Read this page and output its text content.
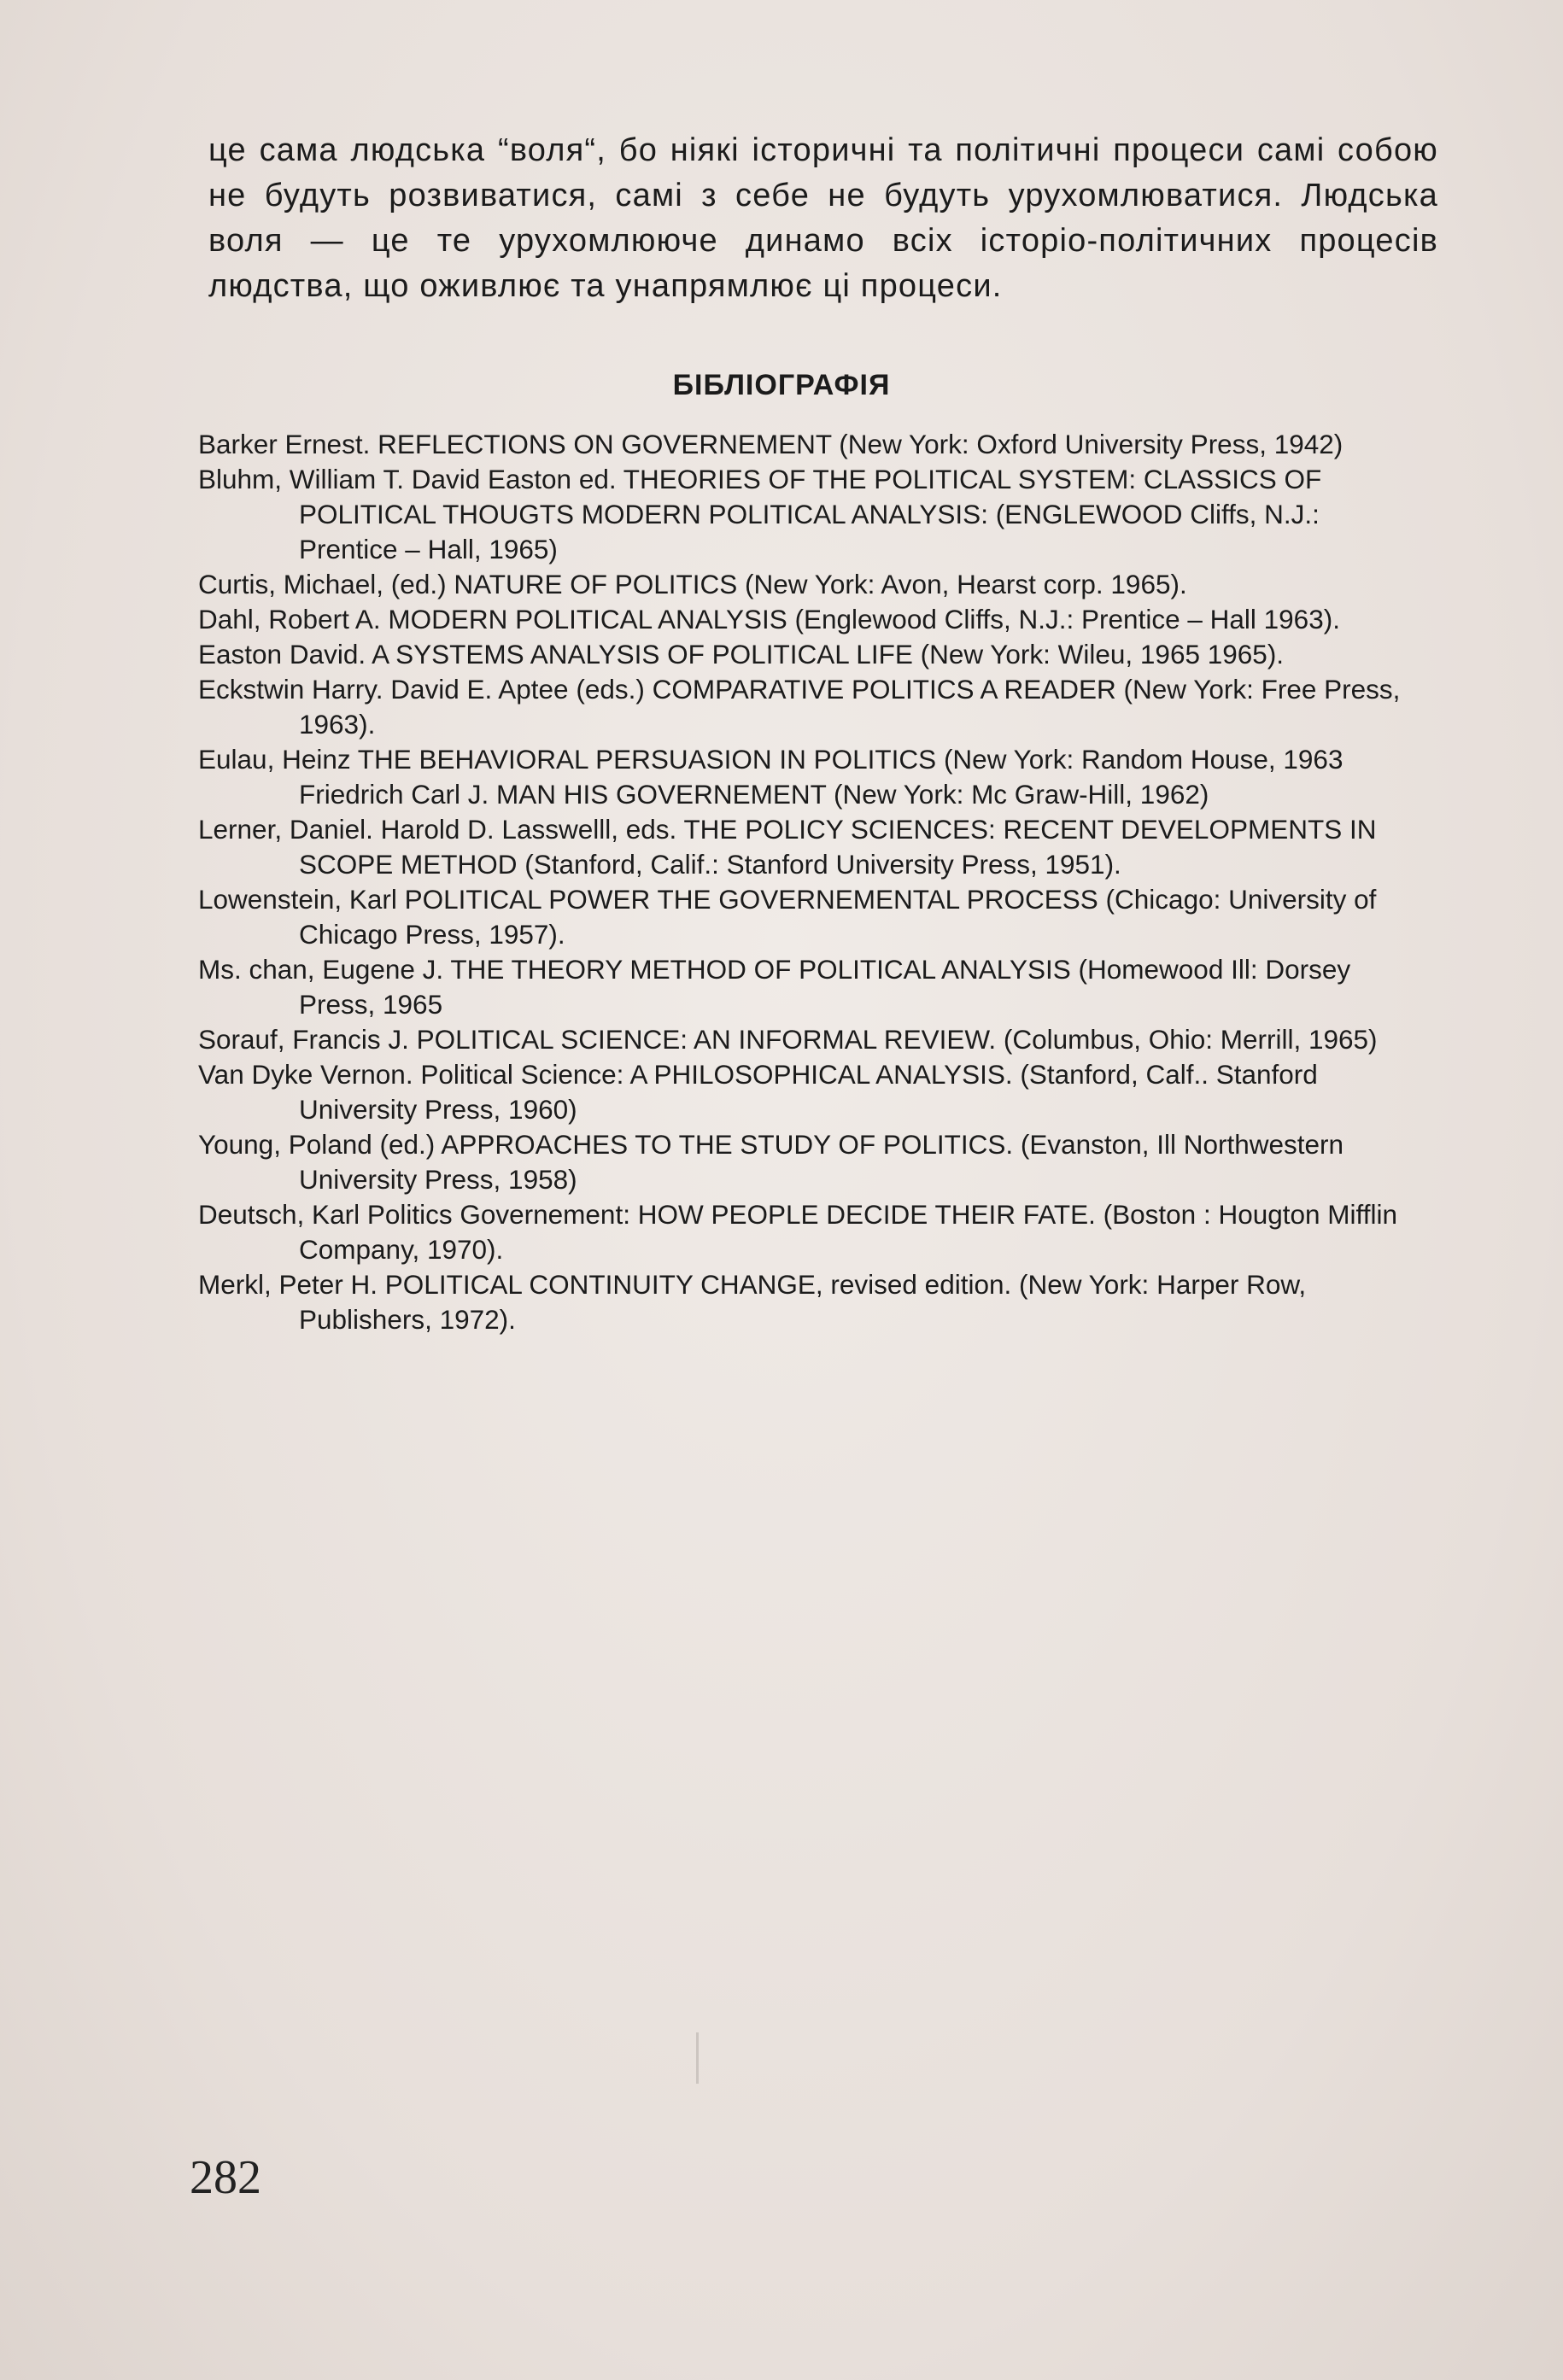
це сама людська “воля“, бо ніякі історичні та політичні процеси самі собою не будуть розвиватися, самі з себе не будуть урухомлюватися. Людська воля — це те урухомлююче динамо всіх історіо-політичних процесів людства, що оживлює та унапрямлює ці процеси.

БІБЛІОГРАФІЯ
Barker Ernest. REFLECTIONS ON GOVERNEMENT (New York: Oxford University Press, 1942)
Bluhm, William T. David Easton ed. THEORIES OF THE POLITICAL SYSTEM: CLASSICS OF POLITICAL THOUGTS MODERN POLITICAL ANALYSIS: (ENGLEWOOD Cliffs, N.J.: Prentice – Hall, 1965)
Curtis, Michael, (ed.) NATURE OF POLITICS (New York: Avon, Hearst corp. 1965).
Dahl, Robert A. MODERN POLITICAL ANALYSIS (Englewood Cliffs, N.J.: Prentice – Hall 1963).
Easton David. A SYSTEMS ANALYSIS OF POLITICAL LIFE (New York: Wileu, 1965 1965).
Eckstwin Harry. David E. Aptee (eds.) COMPARATIVE POLITICS A READER (New York: Free Press, 1963).
Eulau, Heinz THE BEHAVIORAL PERSUASION IN POLITICS (New York: Random House, 1963 Friedrich Carl J. MAN HIS GOVERNEMENT (New York: Mc Graw-Hill, 1962)
Lerner, Daniel. Harold D. Lasswelll, eds. THE POLICY SCIENCES: RECENT DEVELOPMENTS IN SCOPE METHOD (Stanford, Calif.: Stanford University Press, 1951).
Lowenstein, Karl POLITICAL POWER THE GOVERNEMENTAL PROCESS (Chicago: University of Chicago Press, 1957).
Ms. chan, Eugene J. THE THEORY METHOD OF POLITICAL ANALYSIS (Homewood Ill: Dorsey Press, 1965
Sorauf, Francis J. POLITICAL SCIENCE: AN INFORMAL REVIEW. (Columbus, Ohio: Merrill, 1965)
Van Dyke Vernon. Political Science: A PHILOSOPHICAL ANALYSIS. (Stanford, Calf.. Stanford University Press, 1960)
Young, Poland (ed.) APPROACHES TO THE STUDY OF POLITICS. (Evanston, Ill Northwestern University Press, 1958)
Deutsch, Karl Politics Governement: HOW PEOPLE DECIDE THEIR FATE. (Boston : Hougton Mifflin Company, 1970).
Merkl, Peter H. POLITICAL CONTINUITY CHANGE, revised edition. (New York: Harper Row, Publishers, 1972).
282
